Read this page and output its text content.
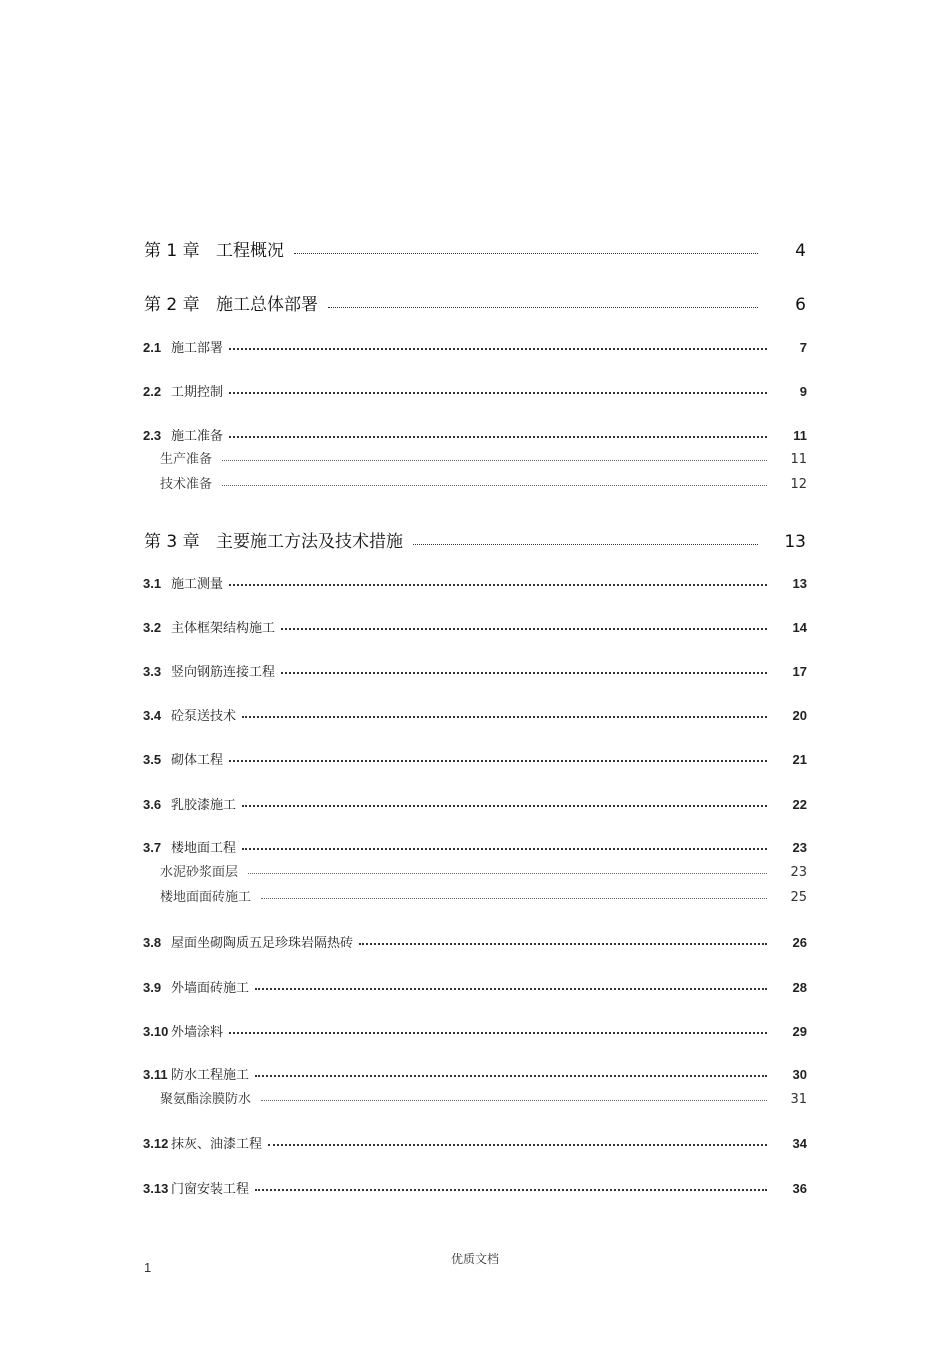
第 1 章 工程概况	4
第 2 章 施工总体部署	6
2.1 施工部署	7
2.2 工期控制	9
2.3 施工准备	11
生产准备	11
技术准备	12
第 3 章 主要施工方法及技术措施	13
3.1 施工测量	13
3.2 主体框架结构施工	14
3.3 竖向钢筋连接工程	17
3.4 砼泵送技术	20
3.5 砌体工程	21
3.6 乳胶漆施工	22
3.7 楼地面工程	23
水泥砂浆面层	23
楼地面面砖施工	25
3.8 屋面坐砌陶质五足珍珠岩隔热砖	26
3.9 外墙面砖施工	28
3.10 外墙涂料	29
3.11 防水工程施工	30
聚氨酯涂膜防水	31
3.12 抹灰、油漆工程	34
3.13 门窗安装工程	36
优质文档
1
